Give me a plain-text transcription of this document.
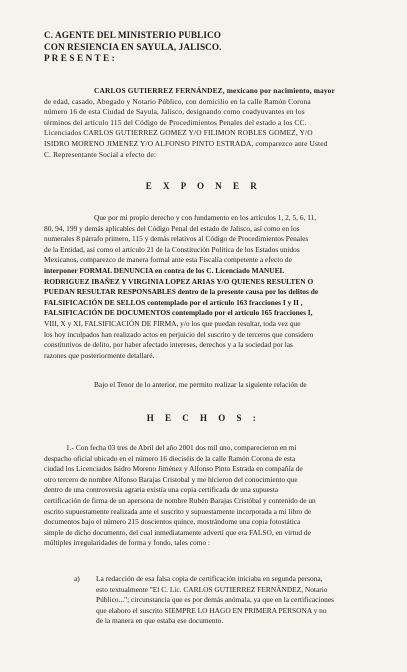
C. AGENTE DEL MINISTERIO PUBLICO
CON RESIENCIA EN SAYULA, JALISCO.
P R E S E N T E :
CARLOS GUTIERREZ FERNÁNDEZ, mexicano por nacimiento, mayor
de edad, casado, Abogado y Notario Público, con domicilio en la calle Ramón Corona
número 16 de esta Ciudad de Sayula, Jalisco, designando como coadyuvantes en los
términos del artículo 115 del Código de Procedimientos Penales del estado a los CC.
Licenciados CARLOS GUTIERREZ GOMEZ Y/O FILIMON ROBLES GOMEZ, Y/O
ISIDRO MORENO JIMENEZ Y/O ALFONSO PINTO ESTRADA, comparezco ante Usted
C. Representante Social a efecto de:
E X P O N E R
Que por mi propio derecho y con fundamento en los artículos 1, 2, 5, 6, 11,
80, 94, 199 y demás aplicables del Código Penal del estado de Jalisco, así como en los
numerales 8 párrafo primero, 115 y demás relativos al Código de Procedimientos Penales
de la Entidad, así como el artículo 21 de la Constitución Política de los Estados unidos
Mexicanos, comparezco de manera formal ante esta Fiscalía competente a efecto de
interponer FORMAL DENUNCIA en contra de los C. Licenciado MANUEL
RODRIGUEZ IBAÑEZ Y VIRGINIA LOPEZ ARIAS Y/O QUIENES RESULTEN O
PUEDAN RESULTAR RESPONSABLES dentro de la presente causa por los delitos de
FALSIFICACIÓN DE SELLOS contemplado por el artículo 163 fracciones I y II ,
FALSIFICACIÓN DE DOCUMENTOS contemplado por el artículo 165 fracciones I,
VIII, X y XI, FALSIFICACIÓN DE FIRMA, y/o los que puedan resultar, toda vez que
los hoy inculpados han realizado actos en perjuicio del suscrito y de terceros que considero
constitutivos de delito, por haber afectado intereses, derechos y a la sociedad por las
razones que posteriormente detallaré.
Bajo el Tenor de lo anterior, me permito realizar la siguiente relación de
H E C H O S :
1.- Con fecha 03 tres de Abril del año 2001 dos mil uno, comparecieron en mi
despacho oficial ubicado en el número 16 dieciséis de la calle Ramón Corona de esta
ciudad los Licenciados Isidro Moreno Jiménez y Alfonso Pinto Estrada en compañía de
otro tercero de nombre Alfonso Barajas Cristobal y me hicieron del conocimiento que
dentro de una controversia agraria existía una copia certificada de una supuesta
certificación de firma de un apersona de nombre Rubén Barajas Cristóbal y contenido de un
escrito supuestamente realizada ante el suscrito y supuestamente incorporada a mi libro de
documentos bajo el número 215 doscientos quince, mostrándome una copia fotostática
simple de dicho documento, del cual inmediatamente advertí que era FALSO, en virtud de
múltiples irregularidades de forma y fondo, tales como :
a) La redacción de esa falsa copia de certificación iniciaba en segunda persona,
esto textualmente "El C. Lic. CARLOS GUTIERREZ FERNÁNDEZ, Notario
Público..."; circunstancia que es por demás anómala, ya que en la certificaciones
que elaboro el suscrito SIEMPRE LO HAGO EN PRIMERA PERSONA y no
de la manera en que estaba ese documento.
